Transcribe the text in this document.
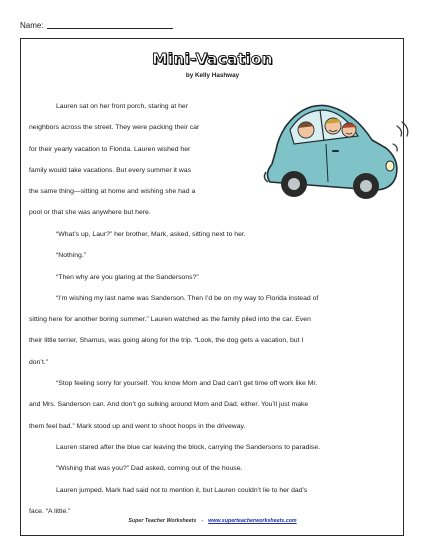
Name:
Mini-Vacation
by Kelly Hashway
Lauren sat on her front porch, staring at her
neighbors across the street. They were packing their car
for their yearly vacation to Florida. Lauren wished her
family would take vacations. But every summer it was
the same thing—sitting at home and wishing she had a
pool or that she was anywhere but here.
“What’s up, Laur?” her brother, Mark, asked, sitting next to her.
“Nothing.”
“Then why are you glaring at the Sandersons?”
“I’m wishing my last name was Sanderson. Then I’d be on my way to Florida instead of
sitting here for another boring summer.” Lauren watched as the family piled into the car. Even
their little terrier, Shamus, was going along for the trip. “Look, the dog gets a vacation, but I
don’t.”
“Stop feeling sorry for yourself. You know Mom and Dad can’t get time off work like Mr.
and Mrs. Sanderson can. And don’t go sulking around Mom and Dad, either. You’ll just make
them feel bad.” Mark stood up and went to shoot hoops in the driveway.
Lauren stared after the blue car leaving the block, carrying the Sandersons to paradise.
“Wishing that was you?” Dad asked, coming out of the house.
Lauren jumped. Mark had said not to mention it, but Lauren couldn’t lie to her dad’s
face. “A little.”
Super Teacher Worksheets - www.superteacherworksheets.com
